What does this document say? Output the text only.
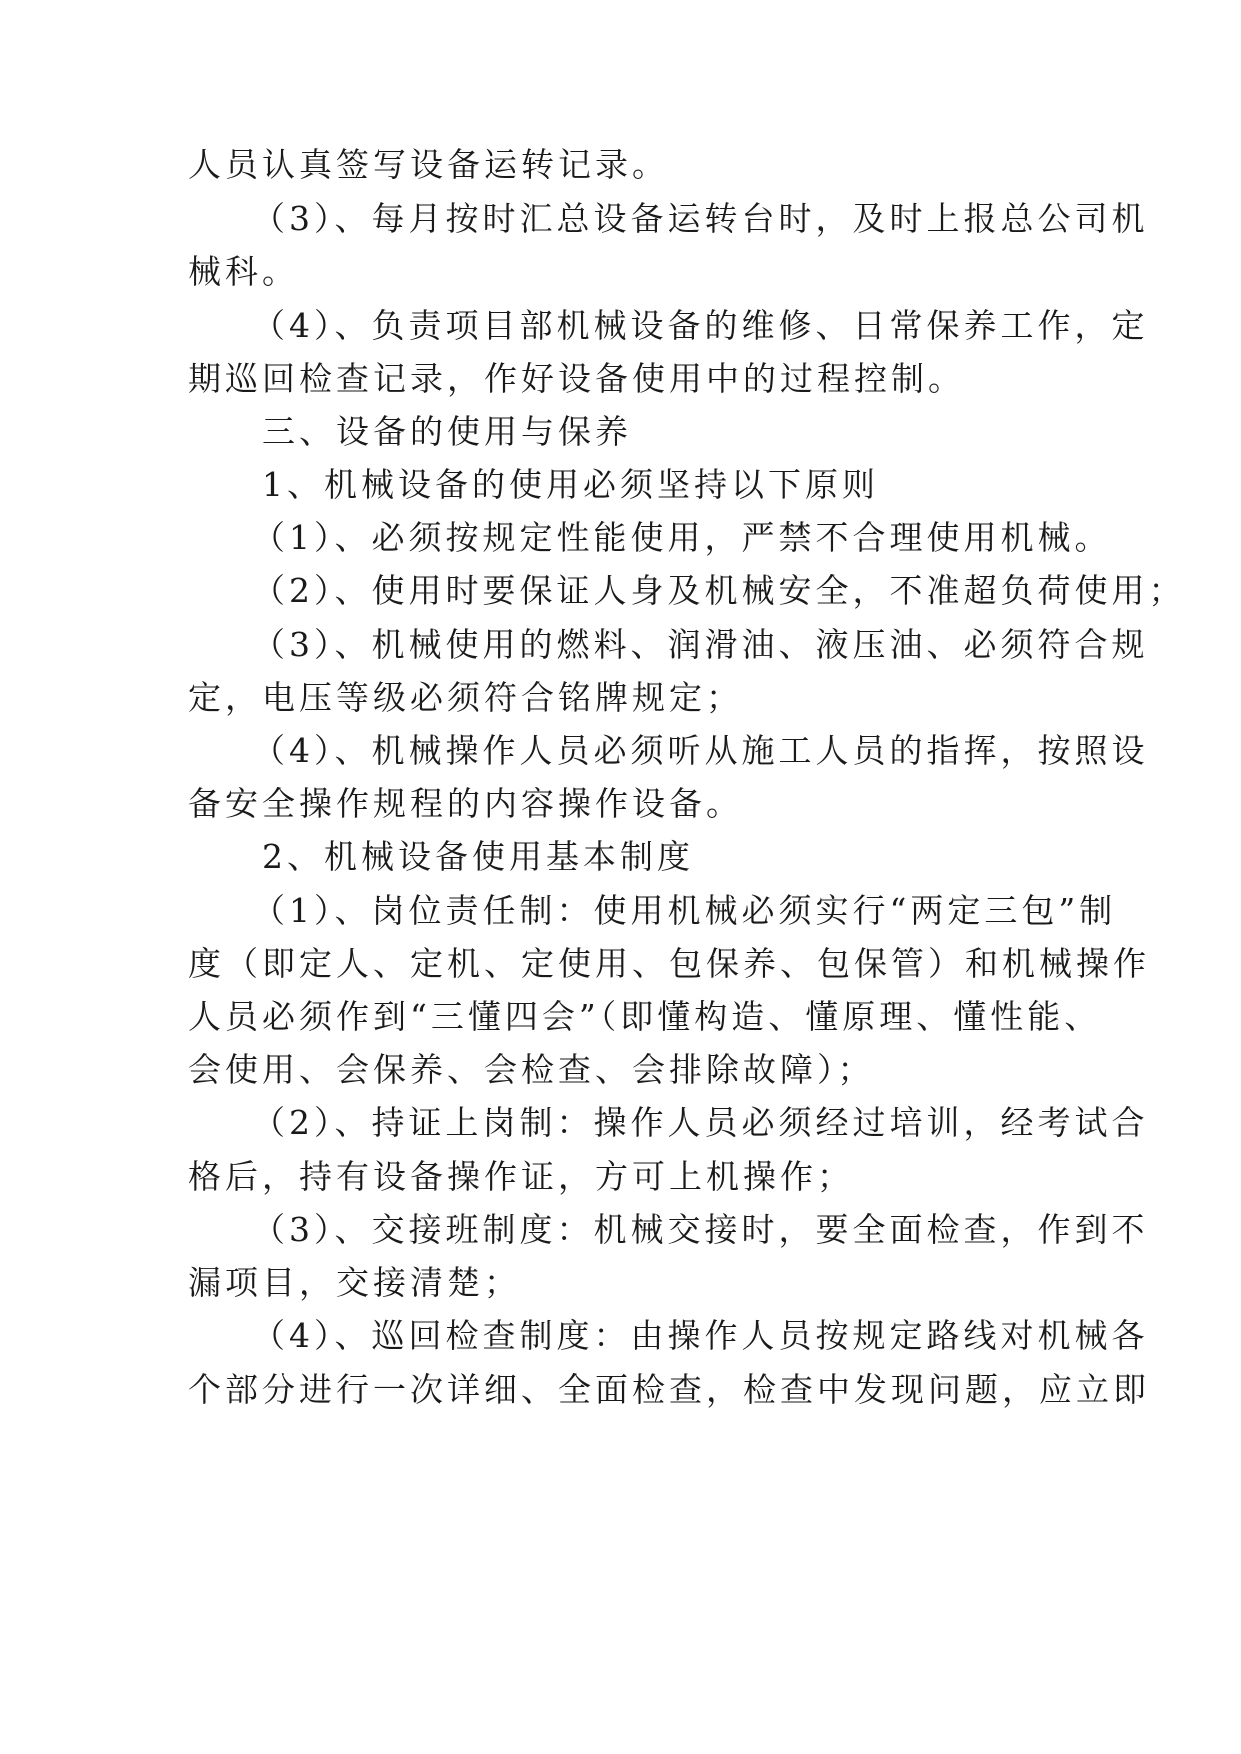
人员认真签写设备运转记录。
（3）、每月按时汇总设备运转台时，及时上报总公司机
械科。
（4）、负责项目部机械设备的维修、日常保养工作，定
期巡回检查记录，作好设备使用中的过程控制。
三、设备的使用与保养
1、机械设备的使用必须坚持以下原则
（1）、必须按规定性能使用，严禁不合理使用机械。
（2）、使用时要保证人身及机械安全，不准超负荷使用；
（3）、机械使用的燃料、润滑油、液压油、必须符合规
定，电压等级必须符合铭牌规定；
（4）、机械操作人员必须听从施工人员的指挥，按照设
备安全操作规程的内容操作设备。
2、机械设备使用基本制度
（1）、岗位责任制：使用机械必须实行“两定三包”制
度（即定人、定机、定使用、包保养、包保管）和机械操作
人员必须作到“三懂四会”（即懂构造、懂原理、懂性能、
会使用、会保养、会检查、会排除故障）；
（2）、持证上岗制：操作人员必须经过培训，经考试合
格后，持有设备操作证，方可上机操作；
（3）、交接班制度：机械交接时，要全面检查，作到不
漏项目，交接清楚；
（4）、巡回检查制度：由操作人员按规定路线对机械各
个部分进行一次详细、全面检查，检查中发现问题，应立即
